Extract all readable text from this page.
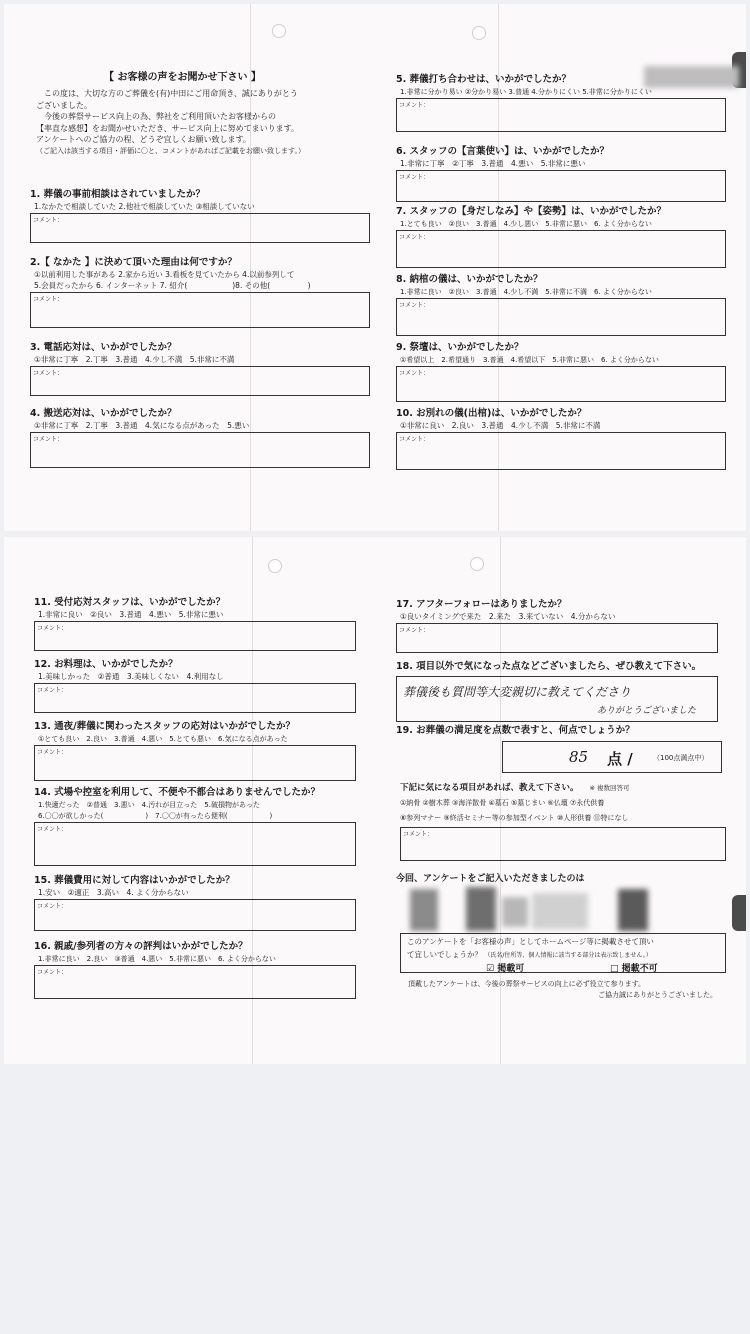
【 お客様の声をお聞かせ下さい 】
この度は、大切な方のご葬儀を(有)中田にご用命頂き、誠にありがとう
ございました。
今後の葬祭サービス向上の為、弊社をご利用頂いたお客様からの
【率直な感想】をお聞かせいただき、サービス向上に努めてまいります。
アンケートへのご協力の程、どうぞ宜しくお願い致します。
（ご記入は該当する項目・評価に〇と、コメントがあればご記載をお願い致します。）

1. 葬儀の事前相談はされていましたか？

1.なかたで相談していた 2.他社で相談していた ③相談していない

コメント：

2.【 なかた 】に決めて頂いた理由は何ですか？

①以前利用した事がある 2.家から近い 3.看板を見ていたから 4.以前参列して

5.会員だったから 6. インターネット 7. 紹介(　　　　　　)8. その他(　　　　　)

コメント：

3. 電話応対は、いかがでしたか？

①非常に丁寧　2.丁寧　3.普通　4.少し不満　5.非常に不満

コメント：

4. 搬送応対は、いかがでしたか？

①非常に丁寧　2.丁寧　3.普通　4.気になる点があった　5.悪い

コメント：

5. 葬儀打ち合わせは、いかがでしたか？

1.非常に分かり易い ②分かり易い 3.普通 4.分かりにくい 5.非常に分かりにくい

コメント：

6. スタッフの【言葉使い】は、いかがでしたか？

1.非常に丁寧　②丁寧　3.普通　4.悪い　5.非常に悪い

コメント：

7. スタッフの【身だしなみ】や【姿勢】は、いかがでしたか？

1.とても良い　②良い　3.普通　4.少し悪い　5.非常に悪い　6. よく分からない

コメント：

8. 納棺の儀は、いかがでしたか？

1.非常に良い　②良い　3.普通　4.少し不満　5.非常に不満　6. よく分からない

コメント：

9. 祭壇は、いかがでしたか？

①希望以上　2.希望通り　3.普通　4.希望以下　5.非常に悪い　6. よく分からない

コメント：

10. お別れの儀(出棺)は、いかがでしたか？

①非常に良い　2.良い　3.普通　4.少し不満　5.非常に不満

コメント：

11. 受付応対スタッフは、いかがでしたか？

1.非常に良い　②良い　3.普通　4.悪い　5.非常に悪い

コメント：

12. お料理は、いかがでしたか？

1.美味しかった　②普通　3.美味しくない　4.利用なし

コメント：

13. 通夜/葬儀に関わったスタッフの応対はいかがでしたか？

①とても良い　2.良い　3.普通　4.悪い　5.とても悪い　6.気になる点があった

コメント：

14. 式場や控室を利用して、不便や不都合はありませんでしたか？

1.快適だった　②普通　3.悪い　4.汚れが目立った　5.破損物があった

6.〇〇が欲しかった(　　　　　　)　7.〇〇が有ったら便利(　　　　　　)

コメント：

15. 葬儀費用に対して内容はいかがでしたか？

1.安い　②適正　3.高い　4. よく分からない

コメント：

16. 親戚/参列者の方々の評判はいかがでしたか？

1.非常に良い　2.良い　③普通　4.悪い　5.非常に悪い　6. よく分からない

コメント：

17. アフターフォローはありましたか？

①良いタイミングで来た　2.来た　3.来ていない　4.分からない

コメント：

18. 項目以外で気になった点などございましたら、ぜひ教えて下さい。

葬儀後も質問等大変親切に教えてくださり
ありがとうございました

19. お葬儀の満足度を点数で表すと、何点でしょうか？

85 点 /	（100点満点中）
下記に気になる項目があれば、教えて下さい。 ※ 複数回答可
①納骨 ②樹木葬 ③海洋散骨 ④墓石 ⑤墓じまい ⑥仏壇 ⑦永代供養
⑧参列マナー ⑨終活セミナー等の参加型イベント ⑩人形供養 ⑪特になし
コメント：
今回、アンケートをご記入いただきましたのは
このアンケートを「お客様の声」としてホームページ等に掲載させて頂い
て宜しいでしょうか？ （氏名/住所等、個人情報に該当する部分は表示致しません。）
☑ 掲載可	□ 掲載不可
頂戴したアンケートは、今後の葬祭サービスの向上に必ず役立て参ります。
ご協力誠にありがとうございました。
